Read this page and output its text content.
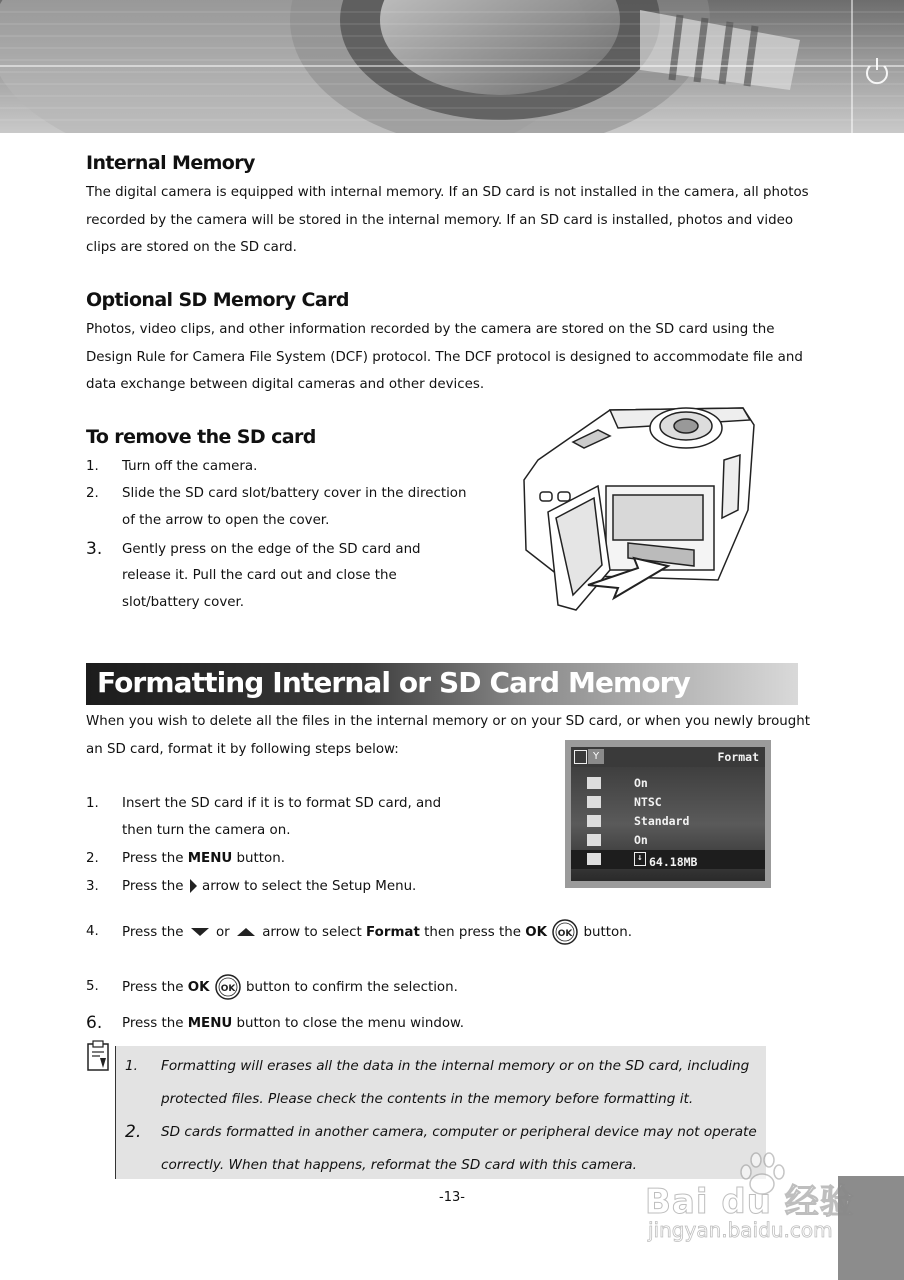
Internal Memory
The digital camera is equipped with internal memory. If an SD card is not installed in the camera, all photos
recorded by the camera will be stored in the internal memory. If an SD card is installed, photos and video
clips are stored on the SD card.
Optional SD Memory Card
Photos, video clips, and other information recorded by the camera are stored on the SD card using the
Design Rule for Camera File System (DCF) protocol. The DCF protocol is designed to accommodate file and
data exchange between digital cameras and other devices.
To remove the SD card
1.	Turn off the camera.
2.	Slide the SD card slot/battery cover in the direction
of the arrow to open the cover.
3.	Gently press on the edge of the SD card and
release it. Pull the card out and close the
slot/battery cover.
Formatting Internal or SD Card Memory
When you wish to delete all the files in the internal memory or on your SD card, or when you newly brought
an SD card, format it by following steps below:	Y	Format
On
NTSC
Standard
On
↓ 64.18MB
1.	Insert the SD card if it is to format SD card, and
then turn the camera on.
2.	Press the MENU button.
3.	Press the  arrow to select the Setup Menu.
4.	Press the  or  arrow to select Format then press the OK OK button.
5.	Press the OK OK button to confirm the selection.
6.	Press the MENU button to close the menu window.
1. Formatting will erases all the data in the internal memory or on the SD card, including
protected files. Please check the contents in the memory before formatting it.
2. SD cards formatted in another camera, computer or peripheral device may not operate
correctly. When that happens, reformat the SD card with this camera.
-13-	Bai du 经验
jingyan.baidu.com
